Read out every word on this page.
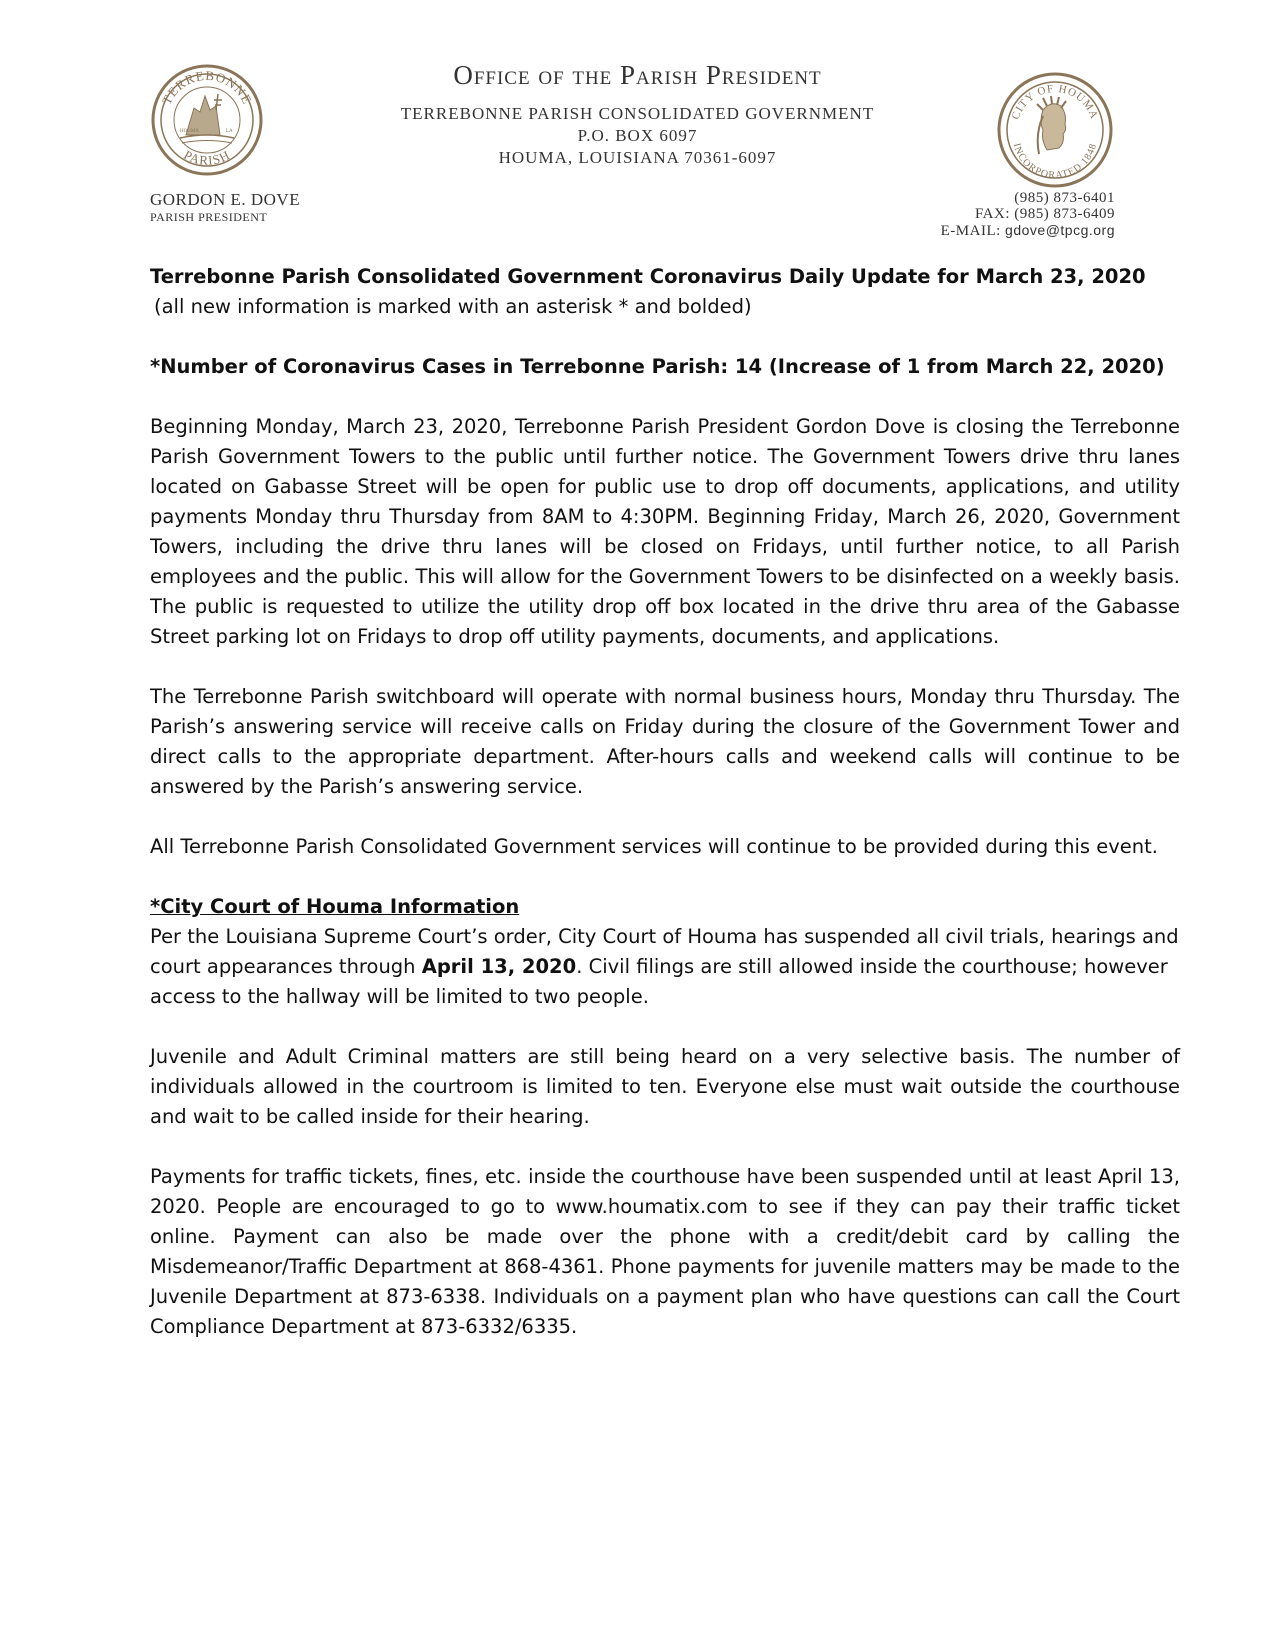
TERREBONNE
PARISH
HOUMA	LA
Office of the Parish President
TERREBONNE PARISH CONSOLIDATED GOVERNMENT
P.O. BOX 6097
HOUMA, LOUISIANA 70361-6097
CITY OF HOUMA
INCORPORATED 1848
GORDON E. DOVE
PARISH PRESIDENT
(985) 873-6401
FAX: (985) 873-6409
E-MAIL: gdove@tpcg.org

Terrebonne Parish Consolidated Government Coronavirus Daily Update for March 23, 2020

(all new information is marked with an asterisk * and bolded)

*Number of Coronavirus Cases in Terrebonne Parish: 14 (Increase of 1 from March 22, 2020)

Beginning Monday, March 23, 2020, Terrebonne Parish President Gordon Dove is closing the Terrebonne Parish Government Towers to the public until further notice. The Government Towers drive thru lanes located on Gabasse Street will be open for public use to drop off documents, applications, and utility payments Monday thru Thursday from 8AM to 4:30PM. Beginning Friday, March 26, 2020, Government Towers, including the drive thru lanes will be closed on Fridays, until further notice, to all Parish employees and the public. This will allow for the Government Towers to be disinfected on a weekly basis. The public is requested to utilize the utility drop off box located in the drive thru area of the Gabasse Street parking lot on Fridays to drop off utility payments, documents, and applications.

The Terrebonne Parish switchboard will operate with normal business hours, Monday thru Thursday. The Parish’s answering service will receive calls on Friday during the closure of the Government Tower and direct calls to the appropriate department. After-hours calls and weekend calls will continue to be answered by the Parish’s answering service.

All Terrebonne Parish Consolidated Government services will continue to be provided during this event.

*City Court of Houma Information

Per the Louisiana Supreme Court’s order, City Court of Houma has suspended all civil trials, hearings and court appearances through April 13, 2020. Civil filings are still allowed inside the courthouse; however access to the hallway will be limited to two people.

Juvenile and Adult Criminal matters are still being heard on a very selective basis. The number of individuals allowed in the courtroom is limited to ten. Everyone else must wait outside the courthouse and wait to be called inside for their hearing.

Payments for traffic tickets, fines, etc. inside the courthouse have been suspended until at least April 13, 2020. People are encouraged to go to www.houmatix.com to see if they can pay their traffic ticket online. Payment can also be made over the phone with a credit/debit card by calling the Misdemeanor/Traffic Department at 868-4361. Phone payments for juvenile matters may be made to the Juvenile Department at 873-6338. Individuals on a payment plan who have questions can call the Court Compliance Department at 873-6332/6335.
